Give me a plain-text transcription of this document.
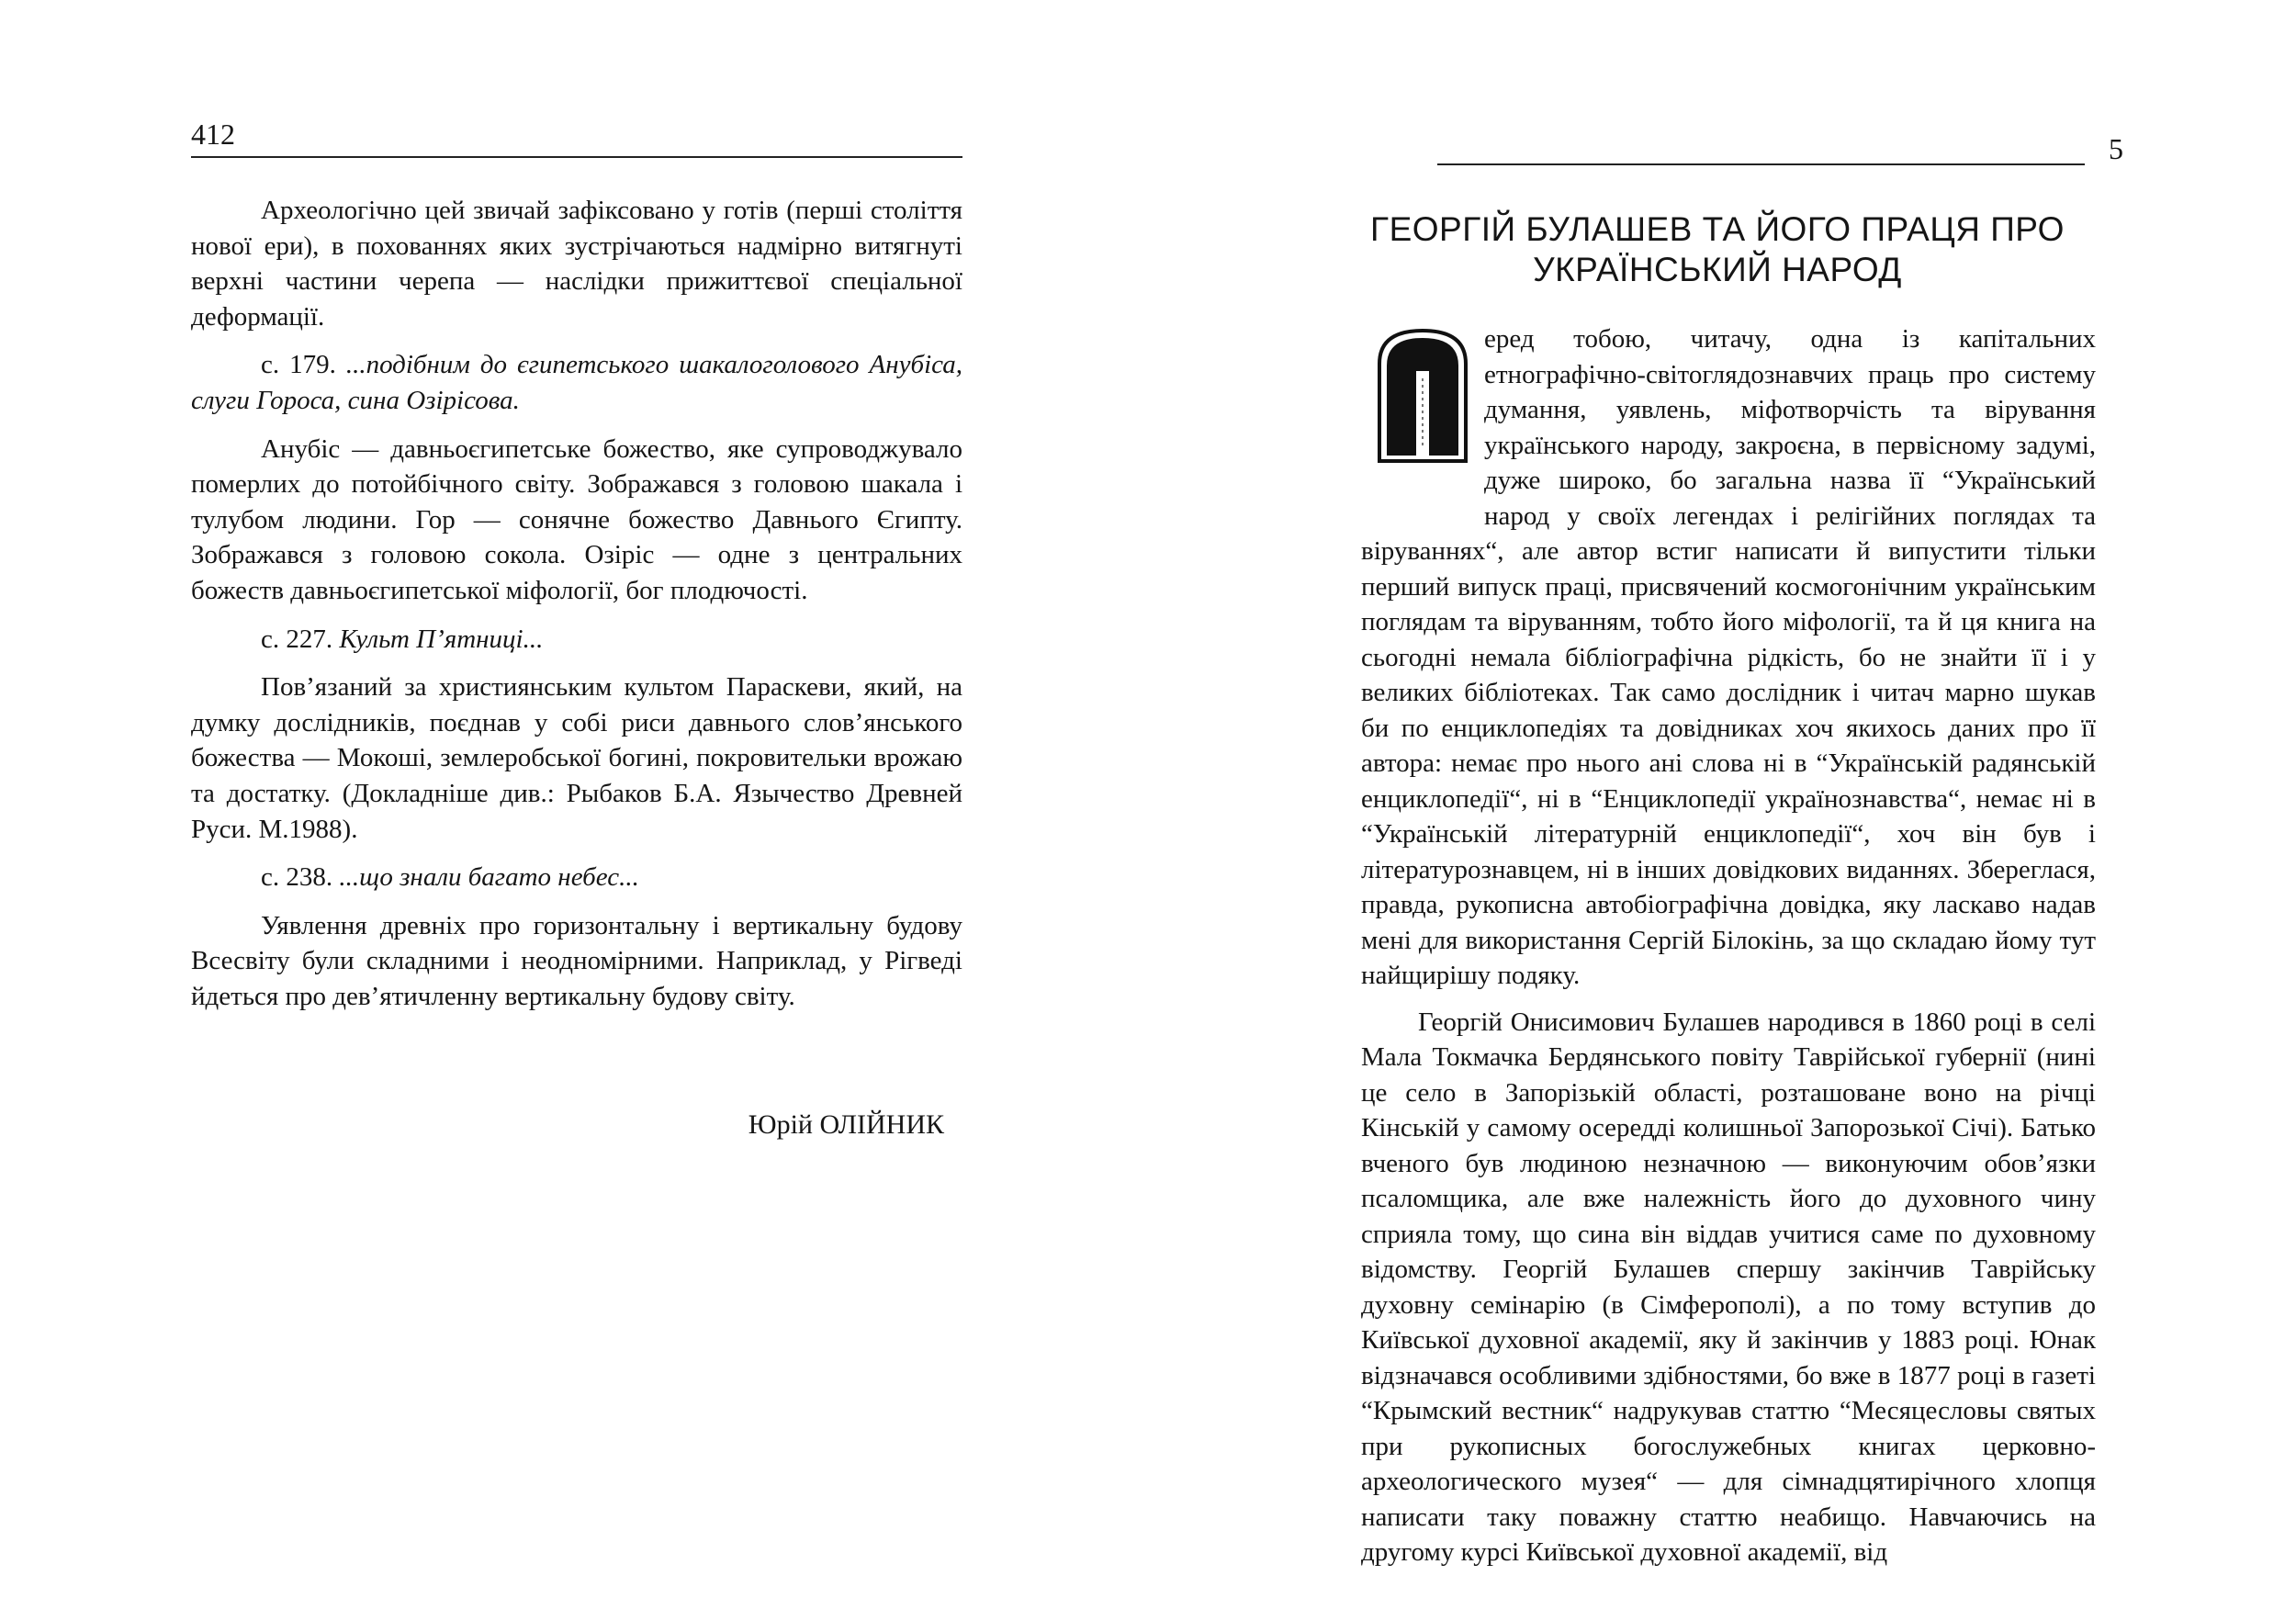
412

Археологічно цей звичай зафіксовано у готів (перші століття нової ери), в похованнях яких зустрічаються надмірно витягнуті верхні частини черепа — наслідки прижиттєвої спеціальної деформації.

с. 179. ...подібним до єгипетського шакалоголового Анубіса, слуги Гороса, сина Озірісова.

Анубіс — давньоєгипетське божество, яке супроводжувало померлих до потойбічного світу. Зображався з головою шакала і тулубом людини. Гор — сонячне божество Давнього Єгипту. Зображався з головою сокола. Озіріс — одне з центральних божеств давньоєгипетської міфології, бог плодючості.

с. 227. Культ П’ятниці...

Пов’язаний за християнським культом Параскеви, який, на думку дослідників, поєднав у собі риси давнього слов’янського божества — Мокоші, землеробської богині, покровительки врожаю та достатку. (Докладніше див.: Рыбаков Б.А. Язычество Древней Руси. М.1988).

с. 238. ...що знали багато небес...

Уявлення древніх про горизонтальну і вертикальну будову Всесвіту були складними і неодномірними. Наприклад, у Рігведі йдеться про дев’ятичленну вертикальну будову світу.

Юрій ОЛІЙНИК
5
ГЕОРГІЙ БУЛАШЕВ ТА ЙОГО ПРАЦЯ ПРО
УКРАЇНСЬКИЙ НАРОД

еред тобою, читачу, одна із капітальних етнографічно-світоглядознавчих праць про систему думання, уявлень, міфотворчість та вірування українського народу, закроєна, в первісному задумі, дуже широко, бо загальна назва її “Український народ у своїх легендах і релігійних поглядах та віруваннях“, але автор встиг написати й випустити тільки перший випуск праці, присвячений космогонічним українським поглядам та віруванням, тобто його міфології, та й ця книга на сьогодні немала бібліографічна рідкість, бо не знайти її і у великих бібліотеках. Так само дослідник і читач марно шукав би по енциклопедіях та довідниках хоч якихось даних про її автора: немає про нього ані слова ні в “Українській радянській енциклопедії“, ні в “Енциклопедії українознавства“, немає ні в “Українській літературній енциклопедії“, хоч він був і літературознавцем, ні в інших довідкових виданнях. Збереглася, правда, рукописна автобіографічна довідка, яку ласкаво надав мені для використання Сергій Білокінь, за що складаю йому тут найщирішу подяку.

Георгій Онисимович Булашев народився в 1860 році в селі Мала Токмачка Бердянського повіту Таврійської губернії (нині це село в Запорізькій області, розташоване воно на річці Кінській у самому осередді колишньої Запорозької Січі). Батько вченого був людиною незначною — виконуючим обов’язки псаломщика, але вже належність його до духовного чину сприяла тому, що сина він віддав учитися саме по духовному відомству. Георгій Булашев спершу закінчив Таврійську духовну семінарію (в Сімферополі), а по тому вступив до Київської духовної академії, яку й закінчив у 1883 році. Юнак відзначався особливими здібностями, бо вже в 1877 році в газеті “Крымский вестник“ надрукував статтю “Месяцесловы святых при рукописных богослужебных книгах церковно-археологического музея“ — для сімнадцятирічного хлопця написати таку поважну статтю неабищо. Навчаючись на другому курсі Київської духовної академії, від
